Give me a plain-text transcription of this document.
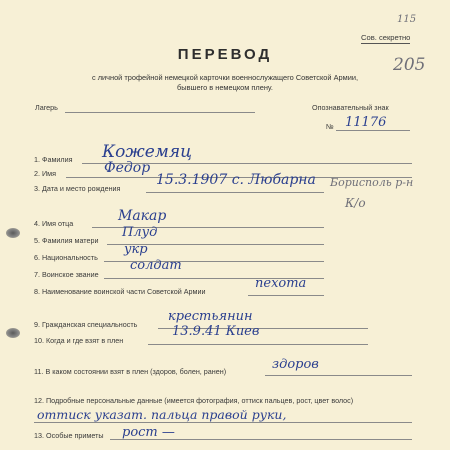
115
Сов. секретно
205
ПЕРЕВОД
с личной трофейной немецкой карточки военнослужащего Советской Армии,
бывшего в немецком плену.
Лагерь	Опознавательный знак
№ 11176
1. Фамилия Кожемяц
2. Имя	Федор
3. Дата и место рождения
15.3.1907 с. Любарна Борисполь р-н
К/о
4. Имя отца	Макар
5. Фамилия матери
Плуд
6. Национальность
укр
7. Воинское звание
солдат
8. Наименование воинской части Советской Армии
пехота
9. Гражданская специальность
крестьянин
10. Когда и где взят в плен
13.9.41 Киев
11. В каком состоянии взят в плен (здоров, болен, ранен)	здоров
12. Подробные персональные данные (имеется фотография, оттиск пальцев, рост, цвет волос)
оттиск указат. пальца правой руки,
13. Особые приметы рост —
